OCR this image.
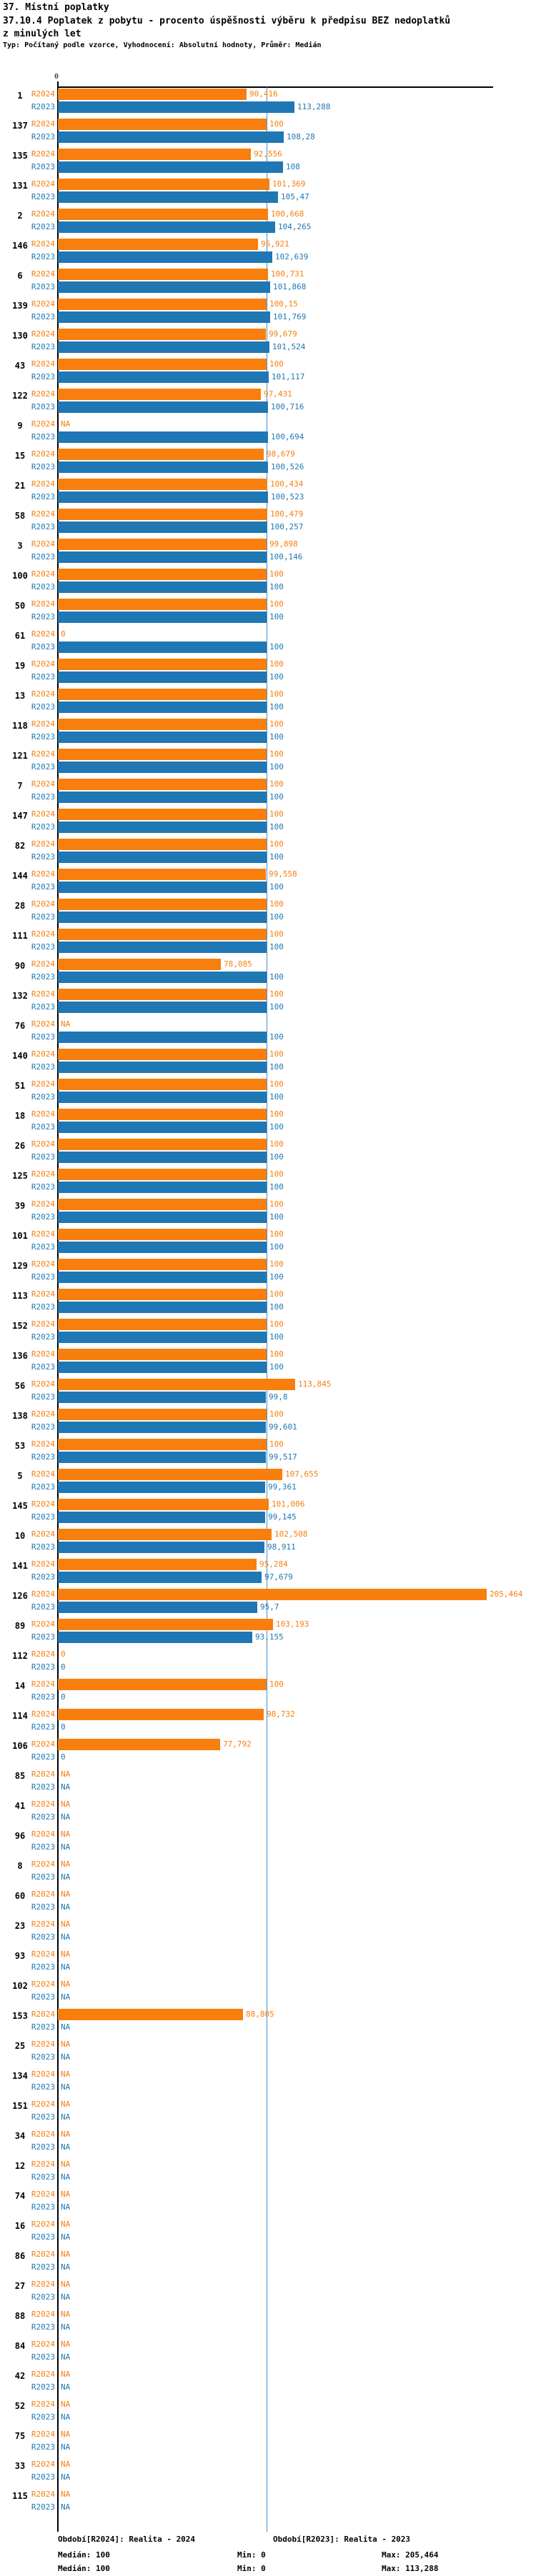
37. Místní poplatky
37.10.4 Poplatek z pobytu - procento úspěšnosti výběru k předpisu BEZ nedoplatků
z minulých let
Typ: Počítaný podle vzorce, Vyhodnocení: Absolutní hodnoty, Průměr: Medián
0
1	R2024	90,416
R2023	113,288
137 R2024	100
R2023	108,28
135 R2024	92,556
R2023	108
131 R2024	101,369
R2023	105,47
2	R2024	100,668
R2023	104,265
146 R2024	95,921
R2023	102,639
6	R2024	100,731
R2023	101,868
139 R2024	100,15
R2023	101,769
130 R2024	99,679
R2023	101,524
43 R2024	100
R2023	101,117
122 R2024	97,431
R2023	100,716
9	R2024 NA
R2023	100,694
15 R2024	98,679
R2023	100,526
21 R2024	100,434
R2023	100,523
58 R2024	100,479
R2023	100,257
3	R2024	99,898
R2023	100,146
100 R2024	100
R2023	100
50 R2024	100
R2023	100
61 R2024 0
R2023	100
19 R2024	100
R2023	100
13 R2024	100
R2023	100
118 R2024	100
R2023	100
121 R2024	100
R2023	100
7	R2024	100
R2023	100
147 R2024	100
R2023	100
82 R2024	100
R2023	100
144 R2024	99,558
R2023	100
28 R2024	100
R2023	100
111 R2024	100
R2023	100
90 R2024	78,085
R2023	100
132 R2024	100
R2023	100
76 R2024 NA
R2023	100
140 R2024	100
R2023	100
51 R2024	100
R2023	100
18 R2024	100
R2023	100
26 R2024	100
R2023	100
125 R2024	100
R2023	100
39 R2024	100
R2023	100
101 R2024	100
R2023	100
129 R2024	100
R2023	100
113 R2024	100
R2023	100
152 R2024	100
R2023	100
136 R2024	100
R2023	100
56 R2024	113,845
R2023	99,8
138 R2024	100
R2023	99,601
53 R2024	100
R2023	99,517
5	R2024	107,655
R2023	99,361
145 R2024	101,006
R2023	99,145
10 R2024	102,508
R2023	98,911
141 R2024	95,284
R2023	97,679
126 R2024	205,464
R2023	95,7
89 R2024	103,193
R2023	93,155
112 R2024 0
R2023 0
14 R2024	100
R2023 0
114 R2024	98,732
R2023 0
106 R2024	77,792
R2023 0
85 R2024 NA
R2023 NA
41 R2024 NA
R2023 NA
96 R2024 NA
R2023 NA
8	R2024 NA
R2023 NA
60 R2024 NA
R2023 NA
23 R2024 NA
R2023 NA
93 R2024 NA
R2023 NA
102 R2024 NA
R2023 NA
153 R2024	88,805
R2023 NA
25 R2024 NA
R2023 NA
134 R2024 NA
R2023 NA
151 R2024 NA
R2023 NA
34 R2024 NA
R2023 NA
12 R2024 NA
R2023 NA
74 R2024 NA
R2023 NA
16 R2024 NA
R2023 NA
86 R2024 NA
R2023 NA
27 R2024 NA
R2023 NA
88 R2024 NA
R2023 NA
84 R2024 NA
R2023 NA
42 R2024 NA
R2023 NA
52 R2024 NA
R2023 NA
75 R2024 NA
R2023 NA
33 R2024 NA
R2023 NA
115 R2024 NA
R2023 NA
Období[R2024]: Realita - 2024	Období[R2023]: Realita - 2023
Medián: 100	Min: 0	Max: 205,464
Medián: 100	Min: 0	Max: 113,288
